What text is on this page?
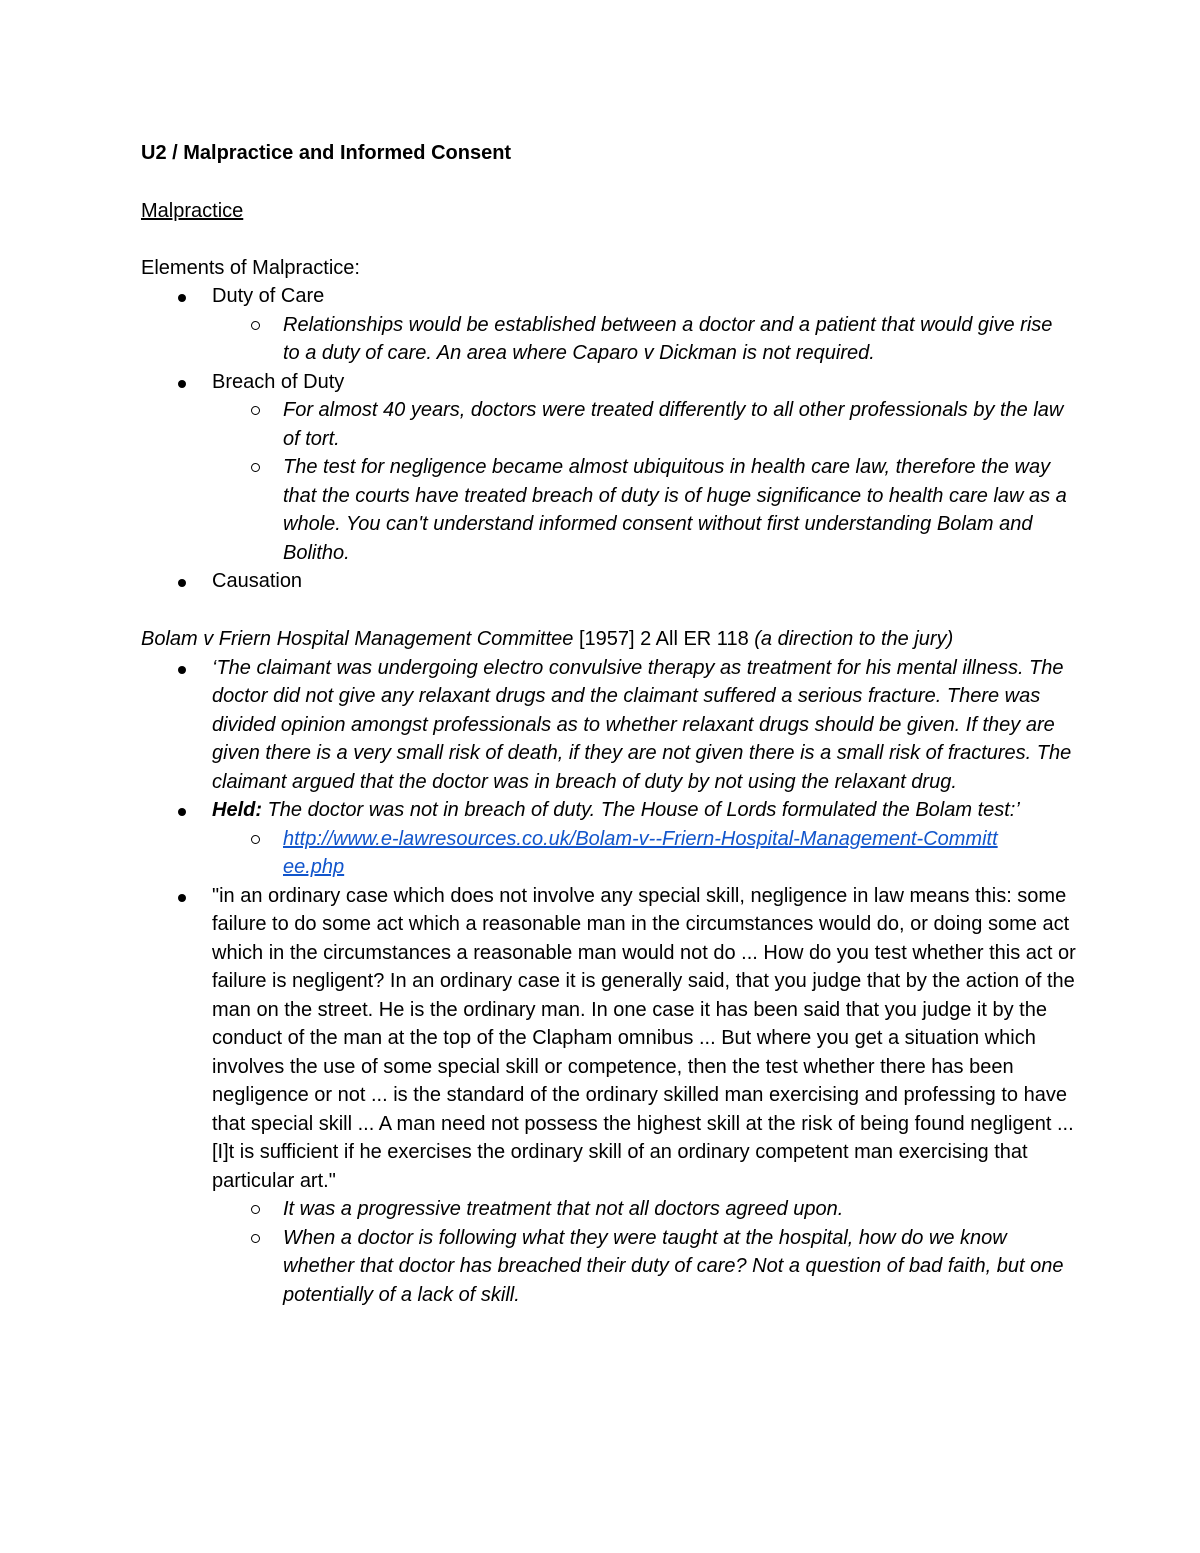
U2 / Malpractice and Informed Consent
Malpractice
Elements of Malpractice:
Duty of Care
Relationships would be established between a doctor and a patient that would give rise to a duty of care. An area where Caparo v Dickman is not required.
Breach of Duty
For almost 40 years, doctors were treated differently to all other professionals by the law of tort.
The test for negligence became almost ubiquitous in health care law, therefore the way that the courts have treated breach of duty is of huge significance to health care law as a whole. You can't understand informed consent without first understanding Bolam and Bolitho.
Causation
Bolam v Friern Hospital Management Committee [1957] 2 All ER 118 (a direction to the jury)
‘The claimant was undergoing electro convulsive therapy as treatment for his mental illness. The doctor did not give any relaxant drugs and the claimant suffered a serious fracture. There was divided opinion amongst professionals as to whether relaxant drugs should be given. If they are given there is a very small risk of death, if they are not given there is a small risk of fractures. The claimant argued that the doctor was in breach of duty by not using the relaxant drug.
Held: The doctor was not in breach of duty. The House of Lords formulated the Bolam test:’
http://www.e-lawresources.co.uk/Bolam-v--Friern-Hospital-Management-Committ
ee.php
"in an ordinary case which does not involve any special skill, negligence in law means this: some failure to do some act which a reasonable man in the circumstances would do, or doing some act which in the circumstances a reasonable man would not do ... How do you test whether this act or failure is negligent? In an ordinary case it is generally said, that you judge that by the action of the man on the street. He is the ordinary man. In one case it has been said that you judge it by the conduct of the man at the top of the Clapham omnibus ... But where you get a situation which involves the use of some special skill or competence, then the test whether there has been negligence or not ... is the standard of the ordinary skilled man exercising and professing to have that special skill ... A man need not possess the highest skill at the risk of being found negligent ... [I]t is sufficient if he exercises the ordinary skill of an ordinary competent man exercising that particular art."
It was a progressive treatment that not all doctors agreed upon.
When a doctor is following what they were taught at the hospital, how do we know whether that doctor has breached their duty of care? Not a question of bad faith, but one potentially of a lack of skill.
